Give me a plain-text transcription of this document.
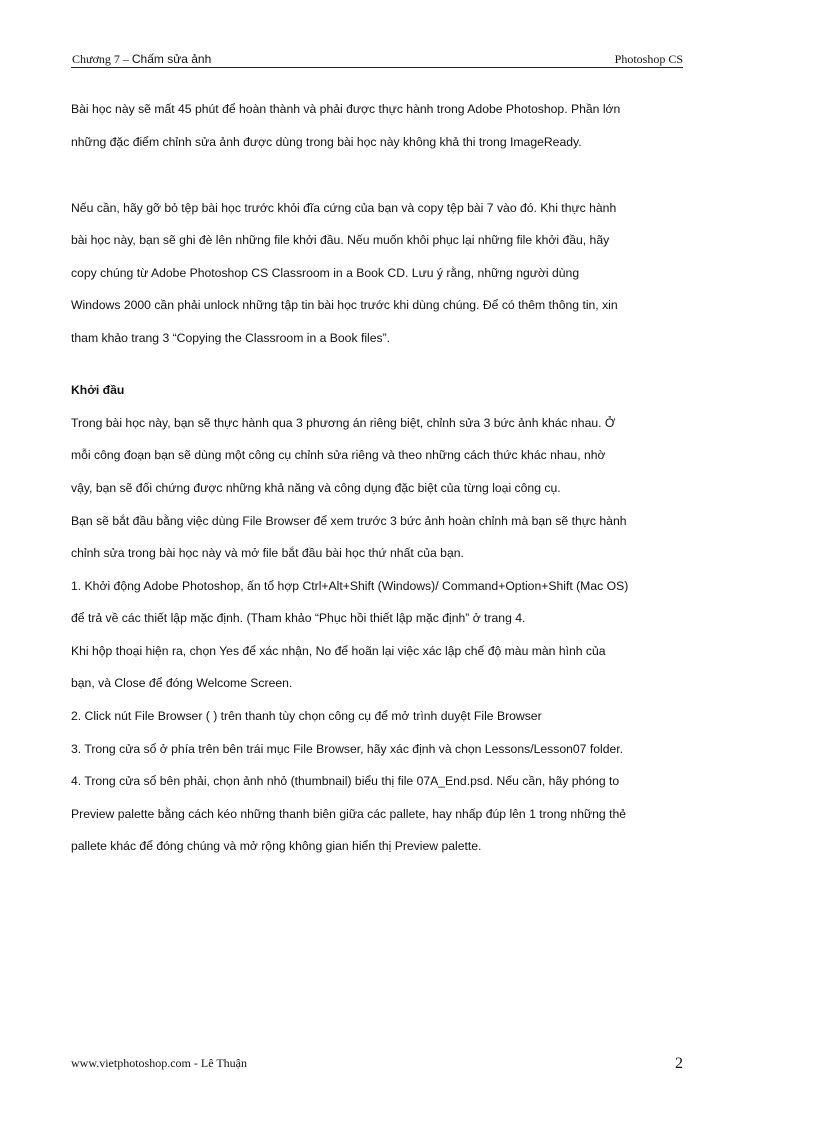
Chương 7 – Chấm sửa ảnh	Photoshop CS
Bài học này sẽ mất 45 phút để hoàn thành và phải được thực hành trong Adobe Photoshop. Phần lớn
những đặc điểm chỉnh sửa ảnh được dùng trong bài học này không khả thi trong ImageReady.
Nếu cần, hãy gỡ bỏ tệp bài học trước khỏi đĩa cứng của bạn và copy tệp bài 7 vào đó. Khi thực hành
bài học này, bạn sẽ ghi đè lên những file khởi đầu. Nếu muốn khôi phục lại những file khởi đầu, hãy
copy chúng từ Adobe Photoshop CS Classroom in a Book CD. Lưu ý rằng, những người dùng
Windows 2000 cần phải unlock những tập tin bài học trước khi dùng chúng. Để có thêm thông tin, xin
tham khảo trang 3 “Copying the Classroom in a Book files”.
Khởi đầu
Trong bài học này, bạn sẽ thực hành qua 3 phương án riêng biệt, chỉnh sửa 3 bức ảnh khác nhau. Ở
mỗi công đoạn bạn sẽ dùng một công cụ chỉnh sửa riêng và theo những cách thức khác nhau, nhờ
vậy, bạn sẽ đối chứng được những khả năng và công dụng đặc biệt của từng loại công cụ.
Bạn sẽ bắt đầu bằng việc dùng File Browser để xem trước 3 bức ảnh hoàn chỉnh mà bạn sẽ thực hành
chỉnh sửa trong bài học này và mở file bắt đầu bài học thứ nhất của bạn.
1. Khởi động Adobe Photoshop, ấn tổ hợp Ctrl+Alt+Shift (Windows)/ Command+Option+Shift (Mac OS)
để trả về các thiết lập mặc định. (Tham khảo “Phục hồi thiết lập mặc định” ở trang 4.
Khi hộp thoại hiện ra, chọn Yes để xác nhận, No để hoãn lại việc xác lập chế độ màu màn hình của
bạn, và Close để đóng Welcome Screen.
2. Click nút File Browser ( ) trên thanh tùy chọn công cụ để mở trình duyệt File Browser
3. Trong cửa sổ ở phía trên bên trái mục File Browser, hãy xác định và chọn Lessons/Lesson07 folder.
4. Trong cửa sổ bên phải, chọn ảnh nhỏ (thumbnail) biểu thị file 07A_End.psd. Nếu cần, hãy phóng to
Preview palette bằng cách kéo những thanh biên giữa các pallete, hay nhấp đúp lên 1 trong những thẻ
pallete khác để đóng chúng và mở rộng không gian hiển thị Preview palette.
www.vietphotoshop.com - Lê Thuận	2
